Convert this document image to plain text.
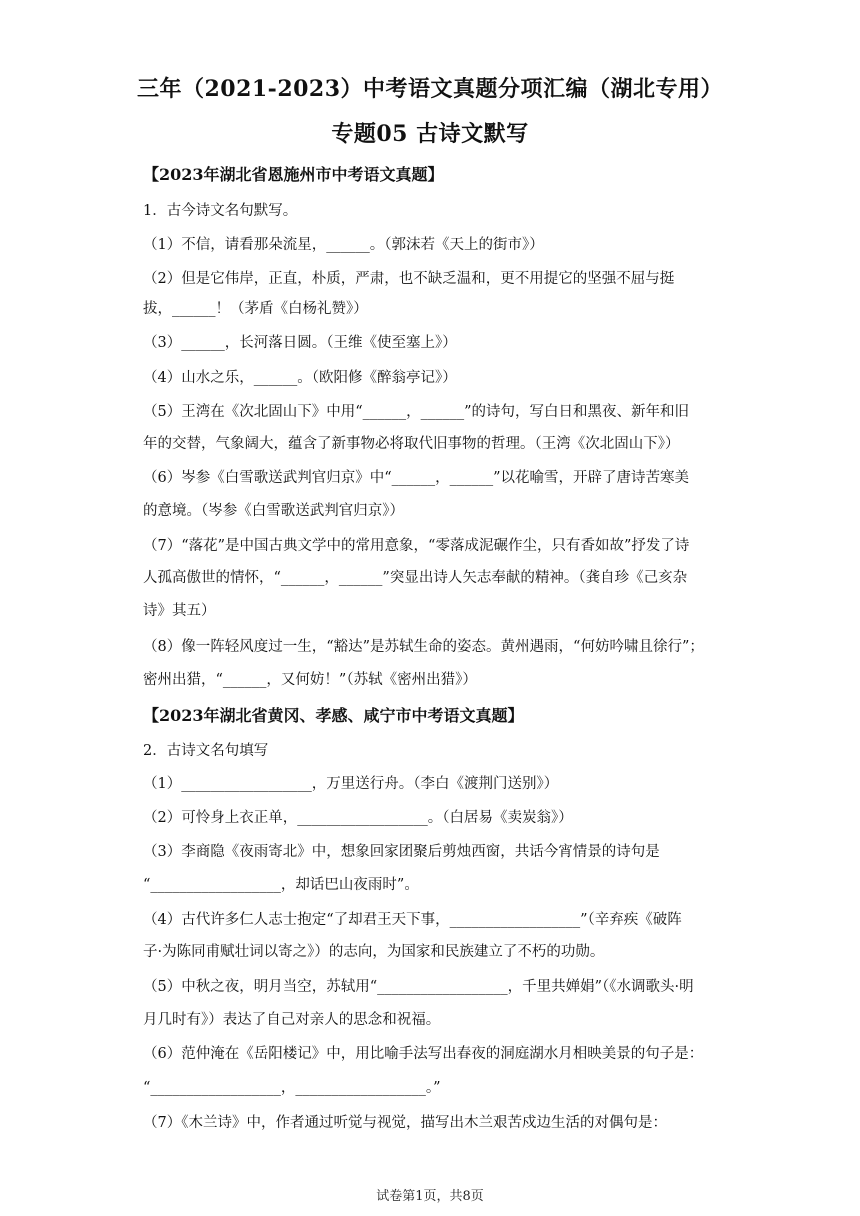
三年（2021-2023）中考语文真题分项汇编（湖北专用）
专题05 古诗文默写
【2023年湖北省恩施州市中考语文真题】
1．古今诗文名句默写。
（1）不信，请看那朵流星，______。（郭沫若《天上的街市》）
（2）但是它伟岸，正直，朴质，严肃，也不缺乏温和，更不用提它的坚强不屈与挺
拔，______！（茅盾《白杨礼赞》）
（3）______，长河落日圆。（王维《使至塞上》）
（4）山水之乐，______。（欧阳修《醉翁亭记》）
（5）王湾在《次北固山下》中用“______，______”的诗句，写白日和黑夜、新年和旧
年的交替，气象阔大，蕴含了新事物必将取代旧事物的哲理。（王湾《次北固山下》）
（6）岑参《白雪歌送武判官归京》中“______，______”以花喻雪，开辟了唐诗苦寒美
的意境。（岑参《白雪歌送武判官归京》）
（7）“落花”是中国古典文学中的常用意象，“零落成泥碾作尘，只有香如故”抒发了诗
人孤高傲世的情怀，“______，______”突显出诗人矢志奉献的精神。（龚自珍《己亥杂
诗》其五）
（8）像一阵轻风度过一生，“豁达”是苏轼生命的姿态。黄州遇雨，“何妨吟啸且徐行”；
密州出猎，“______，又何妨！”（苏轼《密州出猎》）
【2023年湖北省黄冈、孝感、咸宁市中考语文真题】
2．古诗文名句填写
（1）__________________，万里送行舟。（李白《渡荆门送别》）
（2）可怜身上衣正单，__________________。（白居易《卖炭翁》）
（3）李商隐《夜雨寄北》中，想象回家团聚后剪烛西窗，共话今宵情景的诗句是
“__________________，却话巴山夜雨时”。
（4）古代许多仁人志士抱定“了却君王天下事，__________________”（辛弃疾《破阵
子·为陈同甫赋壮词以寄之》）的志向，为国家和民族建立了不朽的功勋。
（5）中秋之夜，明月当空，苏轼用“__________________，千里共婵娟”（《水调歌头·明
月几时有》）表达了自己对亲人的思念和祝福。
（6）范仲淹在《岳阳楼记》中，用比喻手法写出春夜的洞庭湖水月相映美景的句子是：
“__________________，__________________。”
（7）《木兰诗》中，作者通过听觉与视觉，描写出木兰艰苦戍边生活的对偶句是：
试卷第1页，共8页
